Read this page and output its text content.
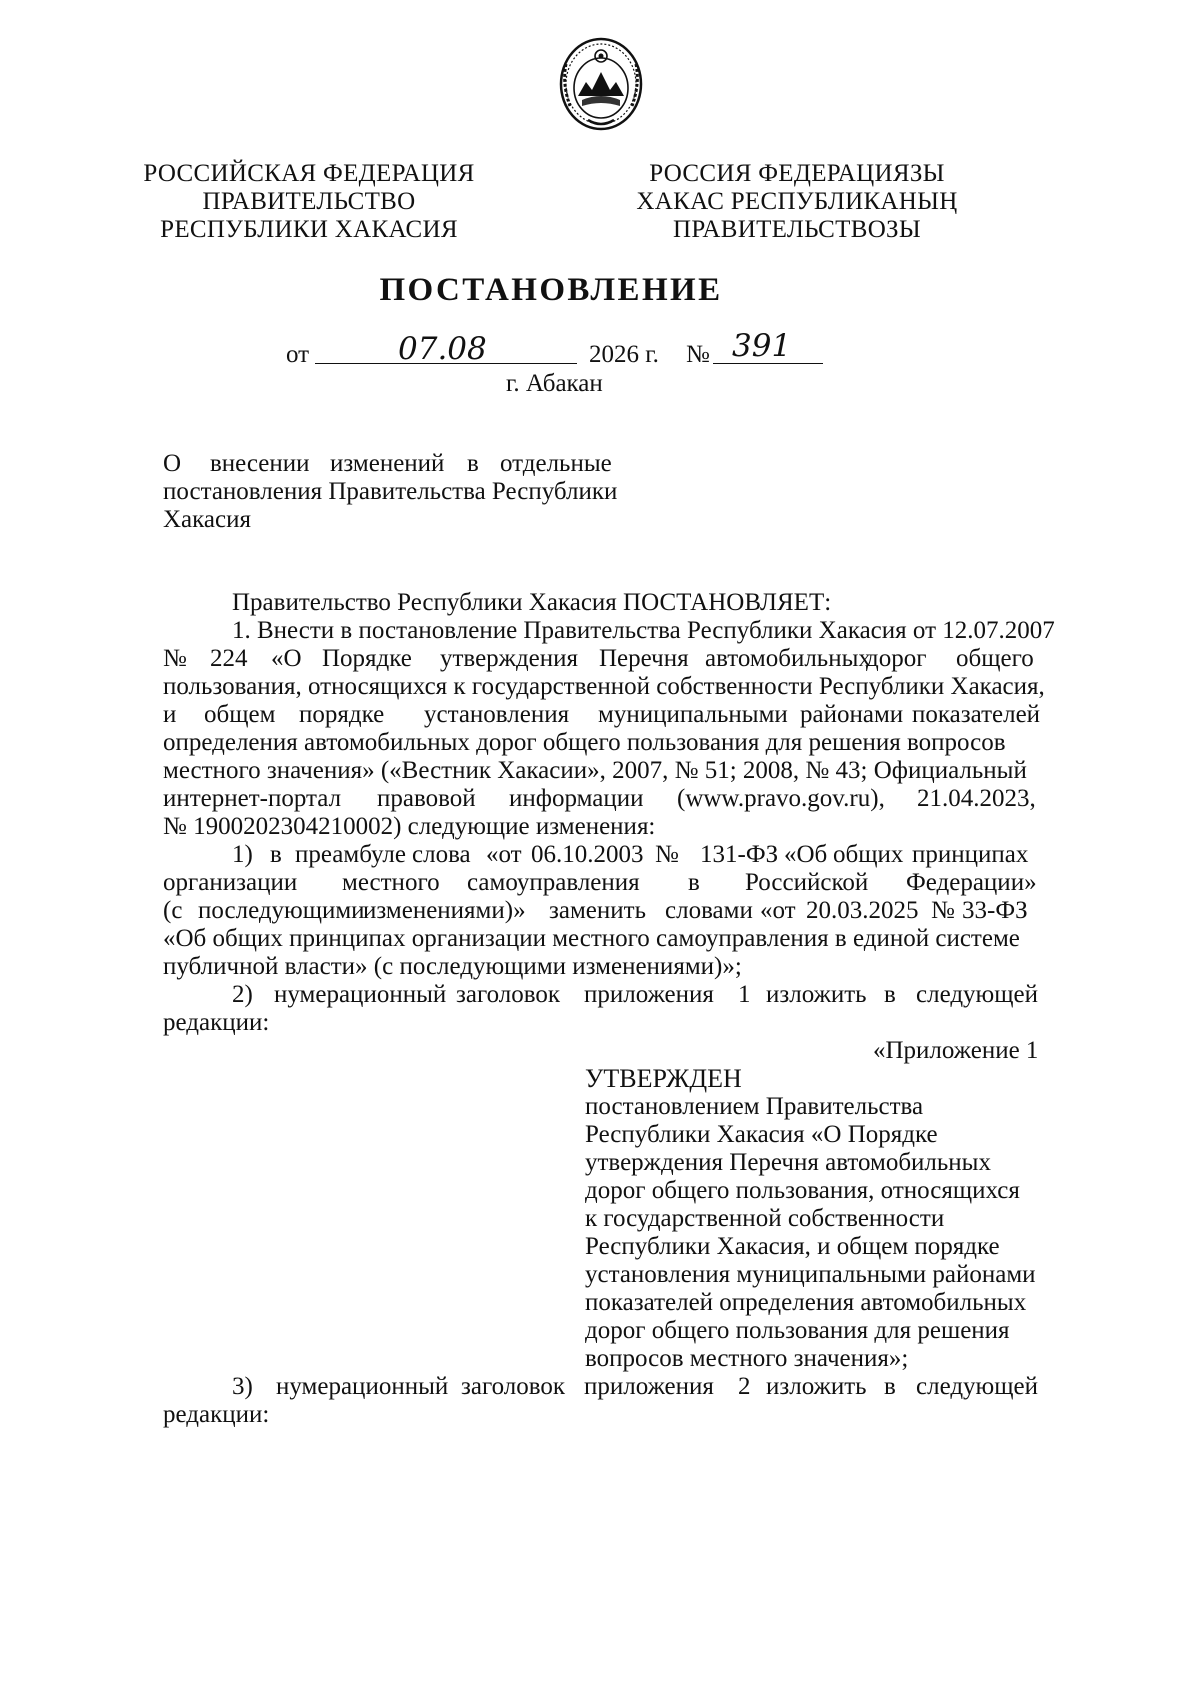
РОССИЙСКАЯ ФЕДЕРАЦИЯ
ПРАВИТЕЛЬСТВО
РЕСПУБЛИКИ ХАКАСИЯ
РОССИЯ ФЕДЕРАЦИЯЗЫ
ХАКАС РЕСПУБЛИКАНЫҢ
ПРАВИТЕЛЬСТВОЗЫ
ПОСТАНОВЛЕНИЕ
от	07.08	2026 г. № 391
г. Абакан
О внесении изменений в отдельные
постановления Правительства Республики
Хакасия
Правительство Республики Хакасия ПОСТАНОВЛЯЕТ:
1. Внести в постановление Правительства Республики Хакасия от 12.07.2007
№ 224 «О Порядке утверждения Перечня автомобильных
дорог общего
пользования, относящихся к государственной собственности Республики Хакасия,
и общем порядке установления муниципальными районами показателей
определения автомобильных дорог общего пользования для решения вопросов
местного значения» («Вестник Хакасии», 2007, № 51; 2008, № 43; Официальный
интернет-портал правовой информации (www.pravo.gov.ru), 21.04.2023,
№ 1900202304210002) следующие изменения:
1) в преамбуле слова «от 06.10.2003 № 131-ФЗ «Об общих принципах
организации местного самоуправления в Российской Федерации»
(с последующими
изменениями)» заменить словами «от 20.03.2025 № 33-ФЗ
«Об общих принципах организации местного самоуправления в единой системе
публичной власти» (с последующими изменениями)»;
2) нумерационный заголовок приложения 1 изложить в следующей
редакции:
«Приложение 1
УТВЕРЖДЕН
постановлением Правительства
Республики Хакасия «О Порядке
утверждения Перечня автомобильных
дорог общего пользования, относящихся
к государственной собственности
Республики Хакасия, и общем порядке
установления муниципальными районами
показателей определения автомобильных
дорог общего пользования для решения
вопросов местного значения»;
3) нумерационный заголовок приложения 2 изложить в следующей
редакции:
